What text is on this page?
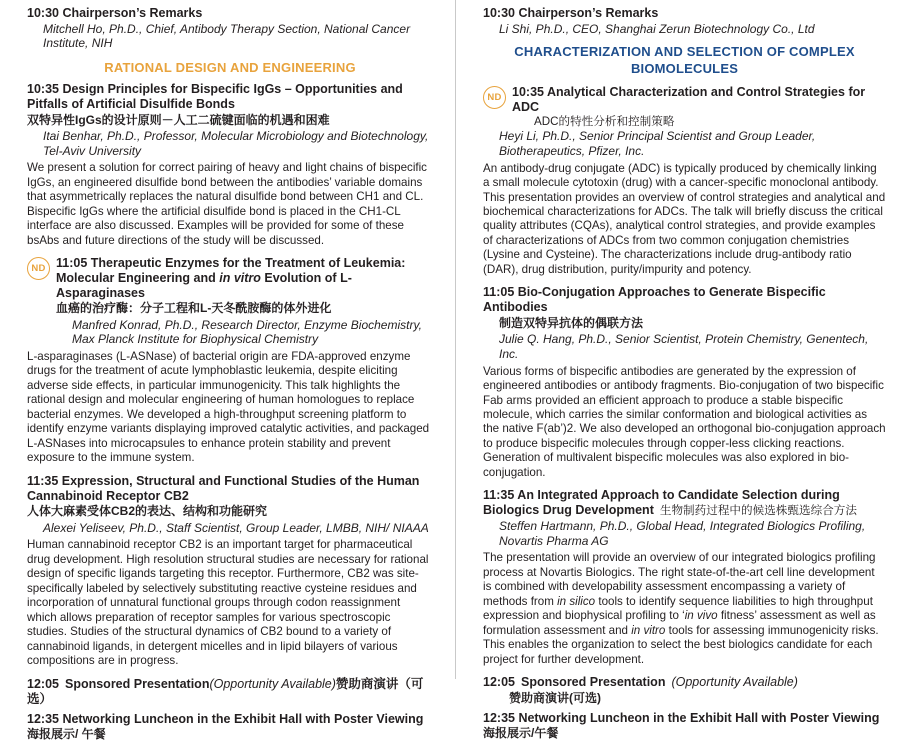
10:30 Chairperson’s Remarks
Mitchell Ho, Ph.D., Chief, Antibody Therapy Section, National Cancer Institute, NIH
RATIONAL DESIGN AND ENGINEERING
10:35 Design Principles for Bispecific IgGs – Opportunities and Pitfalls of Artificial Disulfide Bonds
双特异性IgGs的设计原则－人工二硫键面临的机遇和困难
Itai Benhar, Ph.D., Professor, Molecular Microbiology and Biotechnology, Tel-Aviv University
We present a solution for correct pairing of heavy and light chains of bispecific IgGs, an engineered disulfide bond between the antibodies’ variable domains that asymmetrically replaces the natural disulfide bond between CH1 and CL. Bispecific IgGs where the artificial disulfide bond is placed in the CH1-CL interface are also discussed. Examples will be provided for some of these bsAbs and future directions of the study will be discussed.
ND 11:05 Therapeutic Enzymes for the Treatment of Leukemia: Molecular Engineering and in vitro Evolution of L-Asparaginases
血癌的治疗酶：分子工程和L-天冬酰胺酶的体外进化
Manfred Konrad, Ph.D., Research Director, Enzyme Biochemistry, Max Planck Institute for Biophysical Chemistry
L-asparaginases (L-ASNase) of bacterial origin are FDA-approved enzyme drugs for the treatment of acute lymphoblastic leukemia, despite eliciting adverse side effects, in particular immunogenicity. This talk highlights the rational design and molecular engineering of human homologues to replace bacterial enzymes. We developed a high-throughput screening platform to identify enzyme variants displaying improved catalytic activities, and packaged L-ASNases into microcapsules to enhance protein stability and prevent exposure to the immune system.
11:35 Expression, Structural and Functional Studies of the Human Cannabinoid Receptor CB2
人体大麻素受体CB2的表达、结构和功能研究
Alexei Yeliseev, Ph.D., Staff Scientist, Group Leader, LMBB, NIH/ NIAAA
Human cannabinoid receptor CB2 is an important target for pharmaceutical drug development. High resolution structural studies are necessary for rational design of specific ligands targeting this receptor. Furthermore, CB2 was site-specifically labeled by selectively substituting reactive cysteine residues and incorporation of unnatural functional groups through codon reassignment which allows preparation of receptor samples for various spectroscopic studies. Studies of the structural dynamics of CB2 bound to a variety of cannabinoid ligands, in detergent micelles and in lipid bilayers of various compositions are in progress.
12:05 Sponsored Presentation(Opportunity Available)赞助商演讲（可选）
12:35 Networking Luncheon in the Exhibit Hall with Poster Viewing
海报展示/ 午餐
10:30 Chairperson’s Remarks
Li Shi, Ph.D., CEO, Shanghai Zerun Biotechnology Co., Ltd
CHARACTERIZATION AND SELECTION OF COMPLEX BIOMOLECULES
ND 10:35 Analytical Characterization and Control Strategies for ADC
ADC的特性分析和控制策略
Heyi Li, Ph.D., Senior Principal Scientist and Group Leader, Biotherapeutics, Pfizer, Inc.
An antibody-drug conjugate (ADC) is typically produced by chemically linking a small molecule cytotoxin (drug) with a cancer-specific monoclonal antibody. This presentation provides an overview of control strategies and analytical and biochemical characterizations for ADCs. The talk will briefly discuss the critical quality attributes (CQAs), analytical control strategies, and provide examples of characterizations of ADCs from two common conjugation chemistries (Lysine and Cysteine). The characterizations include drug-antibody ratio (DAR), drug distribution, purity/impurity and potency.
11:05 Bio-Conjugation Approaches to Generate Bispecific Antibodies
制造双特异抗体的偶联方法
Julie Q. Hang, Ph.D., Senior Scientist, Protein Chemistry, Genentech, Inc.
Various forms of bispecific antibodies are generated by the expression of engineered antibodies or antibody fragments. Bio-conjugation of two bispecific Fab arms provided an efficient approach to produce a stable bispecific molecule, which carries the similar conformation and biological activities as the native F(ab’)2. We also developed an orthogonal bio-conjugation approach to produce bispecific molecules through copper-less clicking reactions. Generation of multivalent bispecific molecules was also explored in bio-conjugation.
11:35 An Integrated Approach to Candidate Selection during Biologics Drug Development 生物制药过程中的候选株甄选综合方法
Steffen Hartmann, Ph.D., Global Head, Integrated Biologics Profiling, Novartis Pharma AG
The presentation will provide an overview of our integrated biologics profiling process at Novartis Biologics. The right state-of-the-art cell line development is combined with developability assessment encompassing a variety of methods from in silico tools to identify sequence liabilities to high throughput expression and biophysical profiling to ‘in vivo fitness’ assessment as well as formulation assessment and in vitro tools for assessing immunogenicity risks. This enables the organization to select the best biologics candidate for each project for further development.
12:05 Sponsored Presentation (Opportunity Available)
赞助商演讲(可选)
12:35 Networking Luncheon in the Exhibit Hall with Poster Viewing
海报展示/午餐
